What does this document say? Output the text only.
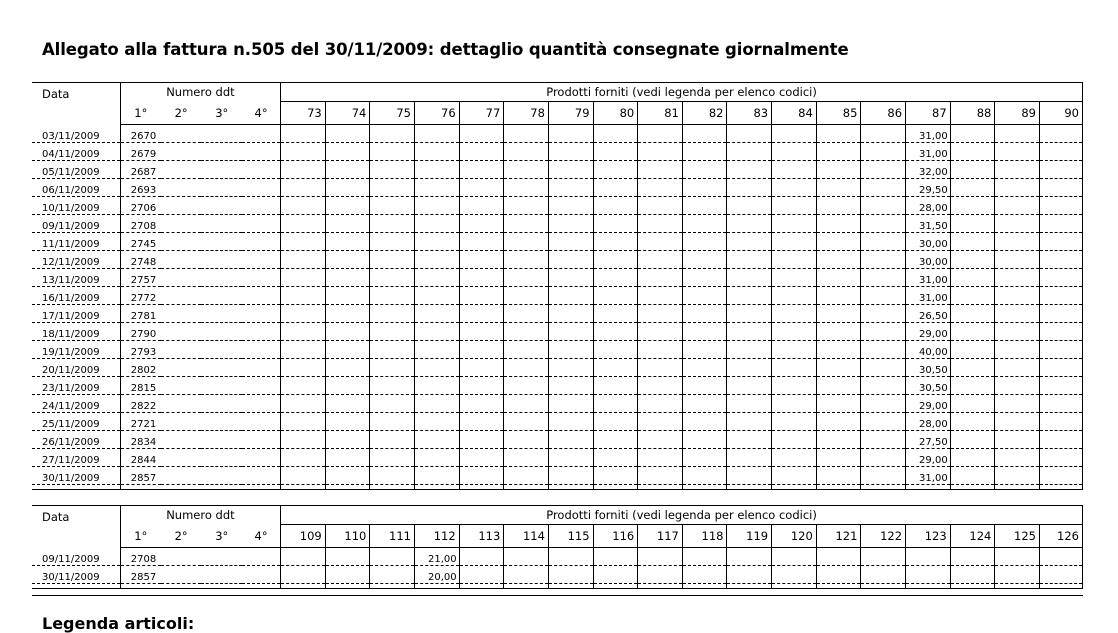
Allegato alla fattura n.505 del 30/11/2009: dettaglio quantità consegnate giornalmente
Data	Numero ddt				Prodotti forniti (vedi legenda per elenco codici)																	
	1°	2°	3°	4°	73	74	75	76	77	78	79	80	81	82	83	84	85	86	87	88	89	90
03/11/2009	2670																		31,00			
04/11/2009	2679																		31,00			
05/11/2009	2687																		32,00			
06/11/2009	2693																		29,50			
10/11/2009	2706																		28,00			
09/11/2009	2708																		31,50			
11/11/2009	2745																		30,00			
12/11/2009	2748																		30,00			
13/11/2009	2757																		31,00			
16/11/2009	2772																		31,00			
17/11/2009	2781																		26,50			
18/11/2009	2790																		29,00			
19/11/2009	2793																		40,00			
20/11/2009	2802																		30,50			
23/11/2009	2815																		30,50			
24/11/2009	2822																		29,00			
25/11/2009	2721																		28,00			
26/11/2009	2834																		27,50			
27/11/2009	2844																		29,00			
30/11/2009	2857																		31,00			

Data	Numero ddt				Prodotti forniti (vedi legenda per elenco codici)																	
	1°	2°	3°	4°	109	110	111	112	113	114	115	116	117	118	119	120	121	122	123	124	125	126
09/11/2009	2708							21,00														
30/11/2009	2857							20,00														

Legenda articoli:
